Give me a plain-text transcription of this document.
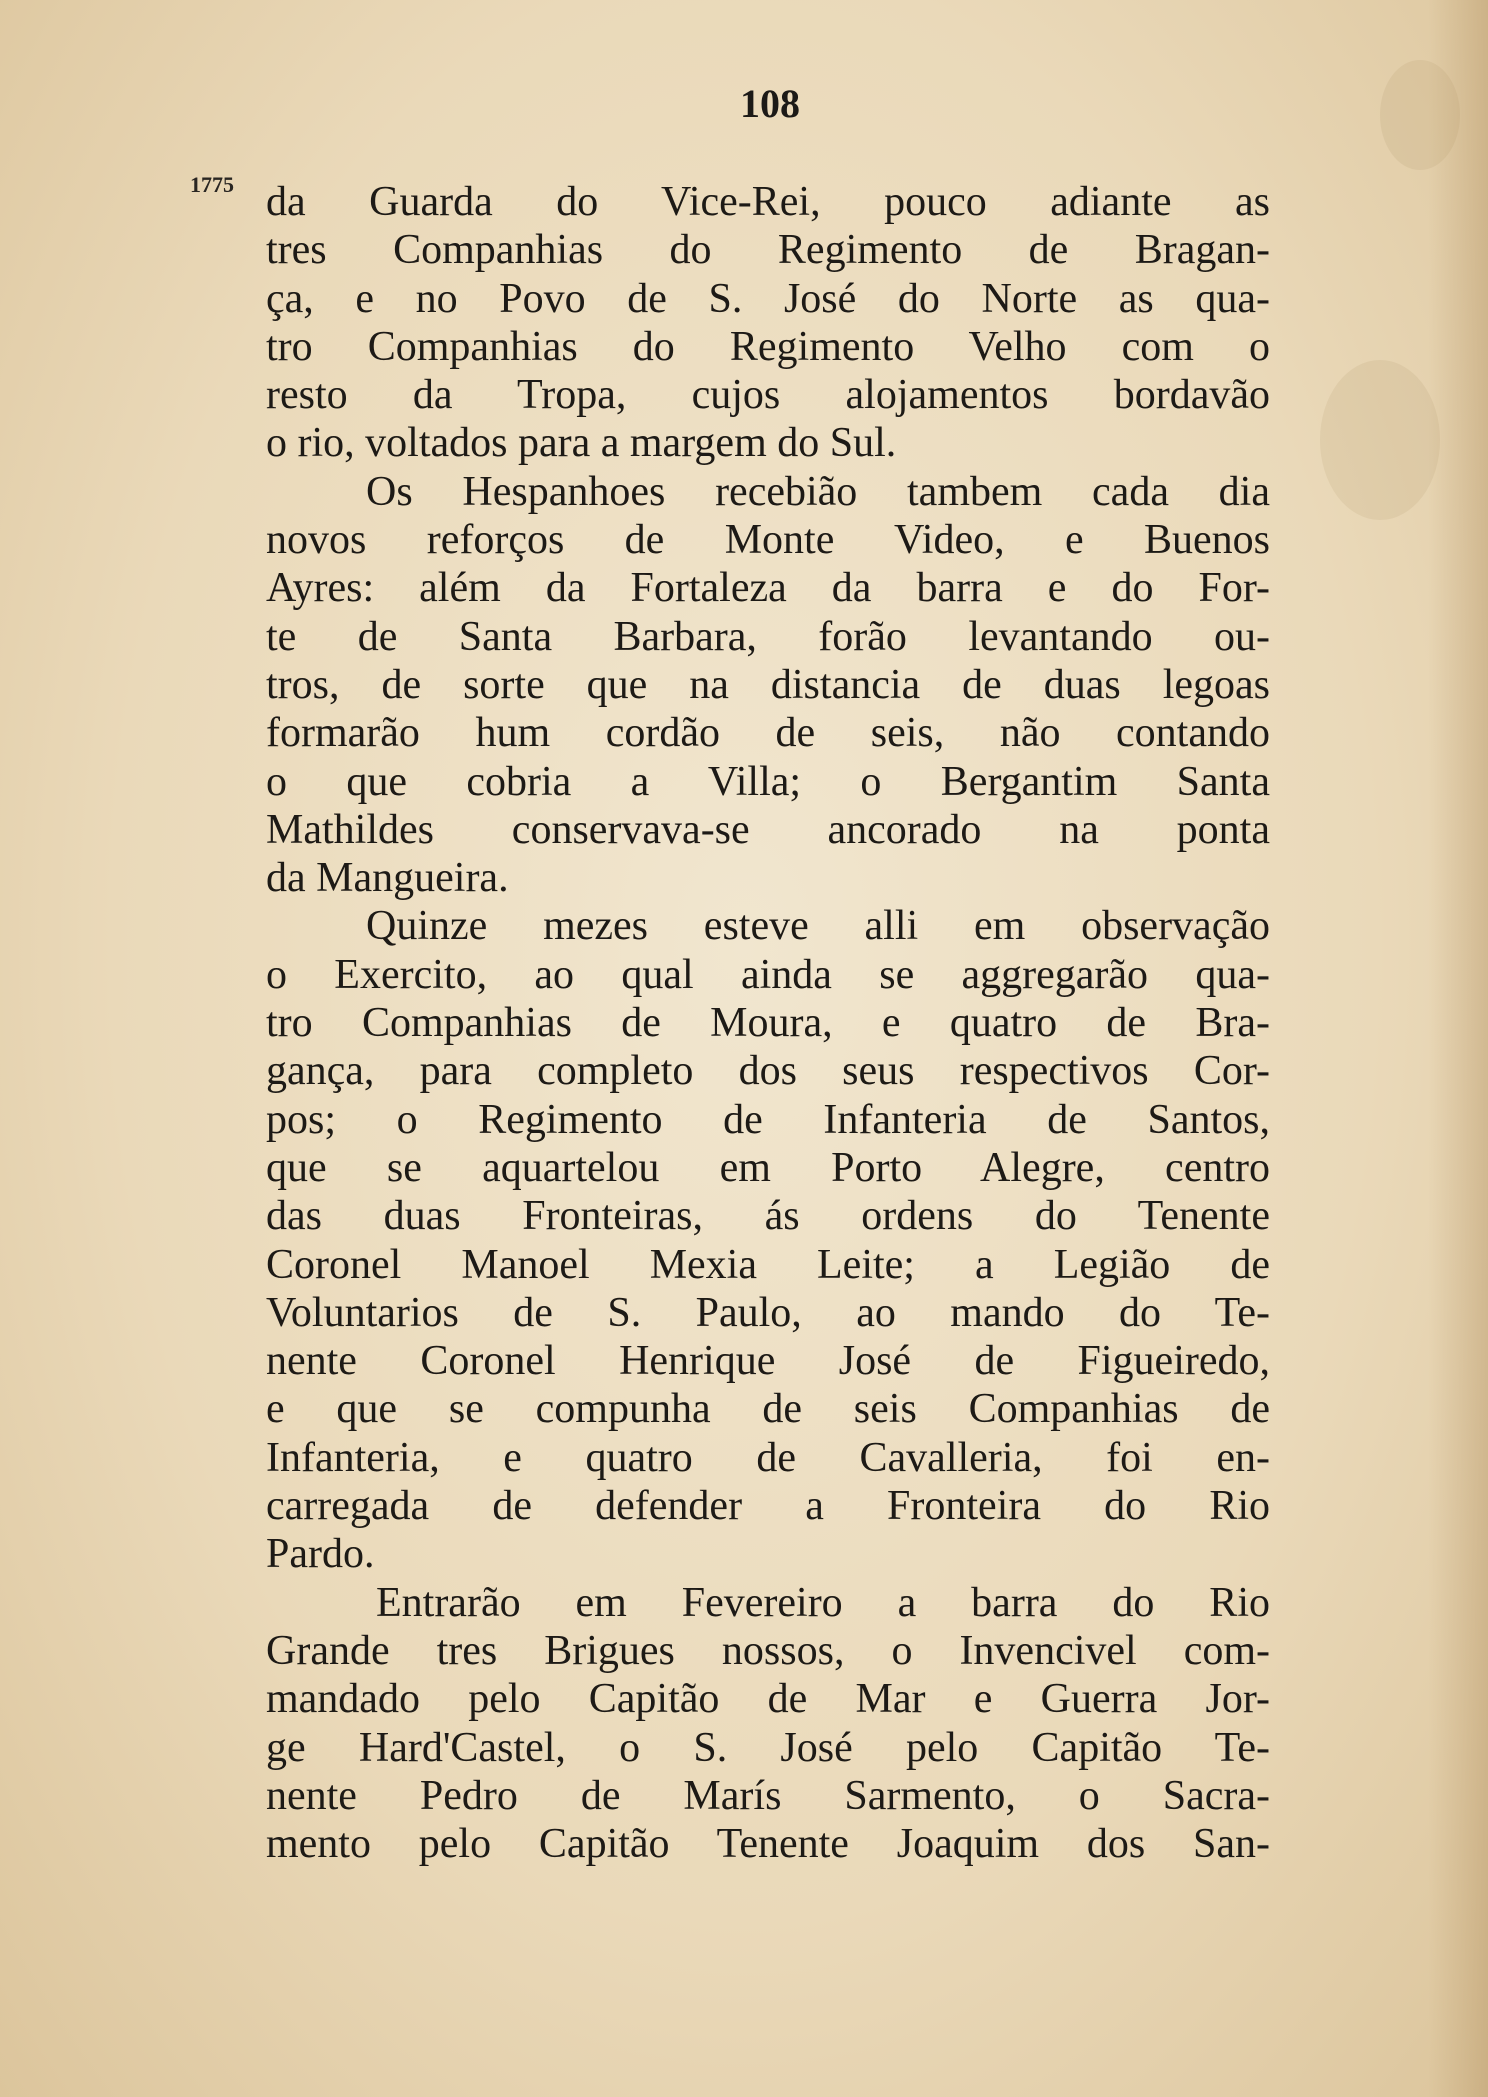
108
1775 da Guarda do Vice-Rei, pouco adiante as
tres Companhias do Regimento de Bragan-
ça, e no Povo de S. José do Norte as qua-
tro Companhias do Regimento Velho com o
resto da Tropa, cujos alojamentos bordavão
o rio, voltados para a margem do Sul.
Os Hespanhoes recebião tambem cada dia
novos reforços de Monte Video, e Buenos
Ayres: além da Fortaleza da barra e do For-
te de Santa Barbara, forão levantando ou-
tros, de sorte que na distancia de duas legoas
formarão hum cordão de seis, não contando
o que cobria a Villa; o Bergantim Santa
Mathildes conservava-se ancorado na ponta
da Mangueira.
Quinze mezes esteve alli em observação
o Exercito, ao qual ainda se aggregarão qua-
tro Companhias de Moura, e quatro de Bra-
gança, para completo dos seus respectivos Cor-
pos; o Regimento de Infanteria de Santos,
que se aquartelou em Porto Alegre, centro
das duas Fronteiras, ás ordens do Tenente
Coronel Manoel Mexia Leite; a Legião de
Voluntarios de S. Paulo, ao mando do Te-
nente Coronel Henrique José de Figueiredo,
e que se compunha de seis Companhias de
Infanteria, e quatro de Cavalleria, foi en-
carregada de defender a Fronteira do Rio
Pardo.
Entrarão em Fevereiro a barra do Rio
Grande tres Brigues nossos, o Invencivel com-
mandado pelo Capitão de Mar e Guerra Jor-
ge Hard'Castel, o S. José pelo Capitão Te-
nente Pedro de Marís Sarmento, o Sacra-
mento pelo Capitão Tenente Joaquim dos San-
